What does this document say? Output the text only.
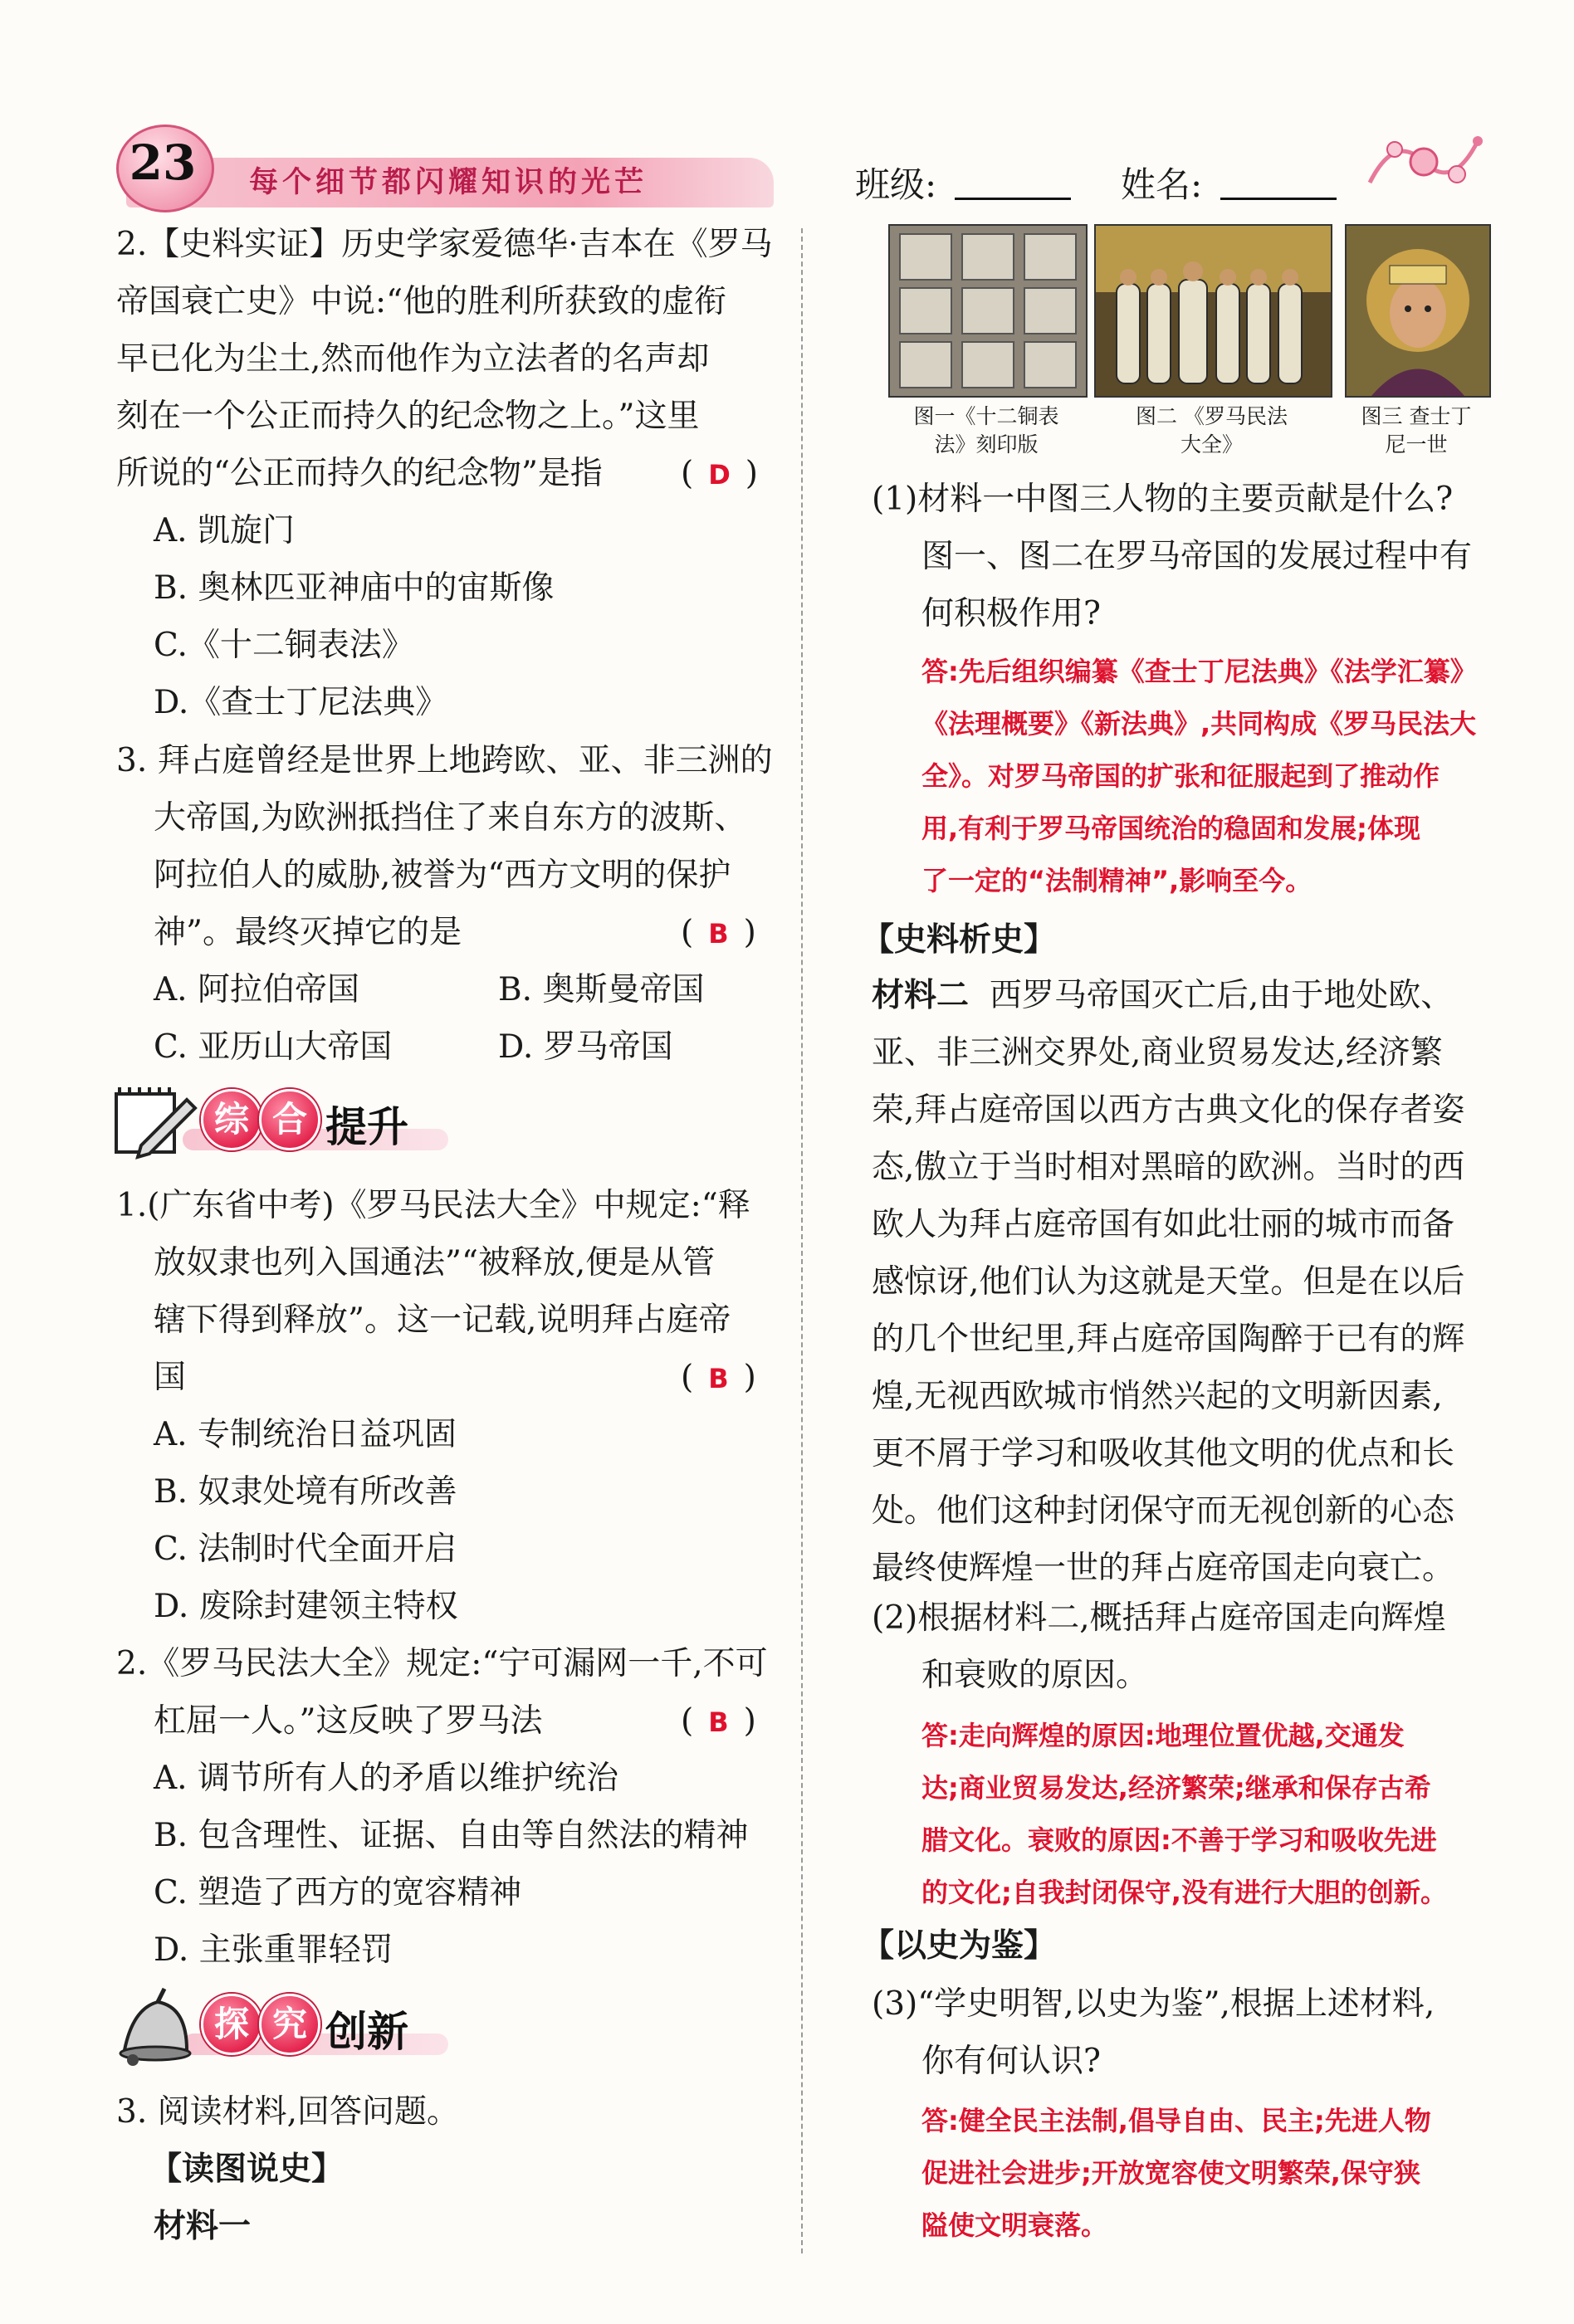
23 每个细节都闪耀知识的光芒	班级:	姓名:
2.【史料实证】历史学家爱德华·吉本在《罗马
帝国衰亡史》中说:“他的胜利所获致的虚衔
早已化为尘土,然而他作为立法者的名声却
刻在一个公正而持久的纪念物之上。”这里
所说的“公正而持久的纪念物”是指 ( D )
A. 凯旋门
B. 奥林匹亚神庙中的宙斯像
C.《十二铜表法》
D.《查士丁尼法典》
3. 拜占庭曾经是世界上地跨欧、亚、非三洲的
大帝国,为欧洲抵挡住了来自东方的波斯、
阿拉伯人的威胁,被誉为“西方文明的保护
神”。最终灭掉它的是	( B )
A. 阿拉伯帝国	B. 奥斯曼帝国
C. 亚历山大帝国	D. 罗马帝国
综 合 提升
1.(广东省中考)《罗马民法大全》中规定:“释
放奴隶也列入国通法”“被释放,便是从管
辖下得到释放”。这一记载,说明拜占庭帝
国	( B )
A. 专制统治日益巩固
B. 奴隶处境有所改善
C. 法制时代全面开启
D. 废除封建领主特权
2.《罗马民法大全》规定:“宁可漏网一千,不可
杠屈一人。”这反映了罗马法	( B )
A. 调节所有人的矛盾以维护统治
B. 包含理性、证据、自由等自然法的精神
C. 塑造了西方的宽容精神
D. 主张重罪轻罚
探 究 创新
3. 阅读材料,回答问题。
【读图说史】
材料一
图一《十二铜表
法》刻印版
图二 《罗马民法
大全》
图三 查士丁
尼一世
(1)材料一中图三人物的主要贡献是什么?
图一、图二在罗马帝国的发展过程中有
何积极作用?
答:先后组织编纂《查士丁尼法典》《法学汇纂》
《法理概要》《新法典》,共同构成《罗马民法大
全》。对罗马帝国的扩张和征服起到了推动作
用,有利于罗马帝国统治的稳固和发展;体现
了一定的“法制精神”,影响至今。
【史料析史】
材料二 西罗马帝国灭亡后,由于地处欧、
亚、非三洲交界处,商业贸易发达,经济繁
荣,拜占庭帝国以西方古典文化的保存者姿
态,傲立于当时相对黑暗的欧洲。当时的西
欧人为拜占庭帝国有如此壮丽的城市而备
感惊讶,他们认为这就是天堂。但是在以后
的几个世纪里,拜占庭帝国陶醉于已有的辉
煌,无视西欧城市悄然兴起的文明新因素,
更不屑于学习和吸收其他文明的优点和长
处。他们这种封闭保守而无视创新的心态
最终使辉煌一世的拜占庭帝国走向衰亡。
(2)根据材料二,概括拜占庭帝国走向辉煌
和衰败的原因。
答:走向辉煌的原因:地理位置优越,交通发
达;商业贸易发达,经济繁荣;继承和保存古希
腊文化。衰败的原因:不善于学习和吸收先进
的文化;自我封闭保守,没有进行大胆的创新。
【以史为鉴】
(3)“学史明智,以史为鉴”,根据上述材料,
你有何认识?
答:健全民主法制,倡导自由、民主;先进人物
促进社会进步;开放宽容使文明繁荣,保守狭
隘使文明衰落。
